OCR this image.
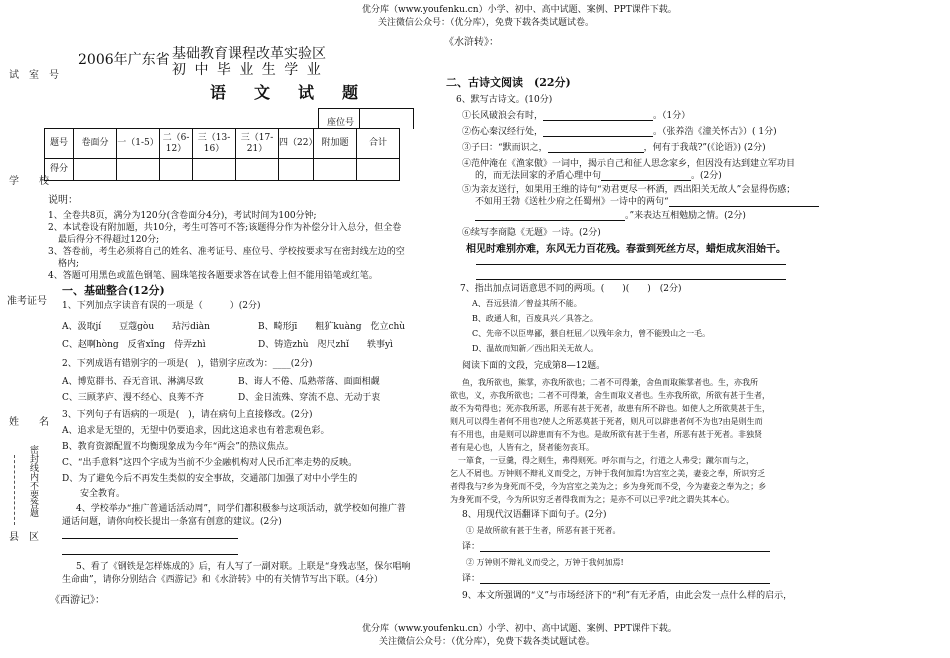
优分库（www.youfenku.cn）小学、初中、高中试题、案例、PPT课件下载。
关注微信公众号：（优分库），免费下载各类试题试卷。
优分库（www.youfenku.cn）小学、初中、高中试题、案例、PPT课件下载。
关注微信公众号：（优分库），免费下载各类试题试卷。
试　室　号
学　　校
准考证号
姓　　名
县　区
密封线内不要答题
2006年广东省 基础教育课程改革实验区
初 中 毕 业 生 学 业
语　文　试　题
座位号
题号	卷面分	一（1-5）	二（6-12）	三（13-16）	三（17-21）	四（22）	附加题	合计
得分								
说明：
1、全卷共8页，满分为120分(含卷面分4分)，考试时间为100分钟;
2、本试卷设有附加题，共10分，考生可答可不答;该题得分作为补偿分计入总分，但全卷
最后得分不得超过120分;
3、答卷前，考生必须将自己的姓名、准考证号、座位号、学校按要求写在密封线左边的空
格内;
4、答题可用黑色或蓝色钢笔、圆珠笔按各题要求答在试卷上但不能用铅笔或红笔。
一、基础整合(12分)
1、下列加点字读音有误的一项是（　　　）(2分)
A、汲取jí　　豆蔻gòu　　玷污diàn	B、畸形jī　　粗犷kuàng　仡立chù
C、赵啊hòng　反省xǐng　侍弄zhì	D、铸造zhù　咫尺zhǐ　　轶事yì
2、下列成语有错别字的一项是(　)，错别字应改为：____(2分)
A、博览群书、吞无音讯、淋漓尽致	B、诲人不倦、瓜熟蒂落、面面相觑
C、三顾茅庐、漫不经心、良莠不齐	D、金日流殊、穿流不息、无动于衷
3、下列句子有语病的一项是(　)，请在病句上直接修改。(2分)
A、追求是无望的，无望中仍要追求，因此这追求也有着悲观色彩。
B、教育资源配置不均衡现象成为今年“两会”的热议焦点。
C、“出手意料”这四个字成为当前不少金融机构对人民币汇率走势的反映。
D、为了避免今后不再发生类似的安全事故，交通部门加强了对中小学生的
安全教育。
4、学校举办“推广普通话活动周”，同学们都积极参与这项活动，就学校如何推广普
通话问题，请你向校长提出一条富有创意的建议。(2分)
5、看了《钢铁是怎样炼成的》后，有人写了一副对联。上联是“身残志坚，保尔唱响
生命曲”，请你分别结合《西游记》和《水浒转》中的有关情节写出下联。（4分）
《西游记》：
《水浒转》：
二、古诗文阅读　(22分)
6、默写古诗文。(10分)
①长风破浪会有时，	。（1分）
②伤心秦汉经行处，	。（张养浩《潼关怀古》）( 1分)
③子曰：“默而识之，	，何有于我哉?”(《论语》) (2分)
④范仲淹在《渔家傲》一词中，揭示自己和征人思念家乡，但因没有达到建立军功目
的，而无法回家的矛盾心理中句	。(2分)
⑤为亲友送行，如果用王维的诗句“劝君更尽一杯酒，西出阳关无故人”会显得伤感；
不如用王勃《送杜少府之任蜀州》一诗中的两句“
。”来表达互相勉励之情。(2分)
⑥续写李商隐《无题》一诗。(2分)
相见时难别亦难，东风无力百花残。春蚕到死丝方尽，蜡炬成灰泪始干。
7、指出加点词语意思不同的两项。(　　)(　　)　(2分)
A、吾远县清／曾益其所不能。
B、政通人和，百废具兴／具答之。
C、先帝不以臣卑鄙，猥自枉屈／以残年余力，曾不能毁山之一毛。
D、温故而知新／西出阳关无故人。
阅读下面的文段，完成第8—12题。
鱼，我所欲也，熊掌，亦我所欲也；二者不可得兼，舍鱼而取熊掌者也。生，亦我所
欲也，义，亦我所欲也；二者不可得兼，舍生而取义者也。生亦我所欲，所欲有甚于生者，
故不为苟得也；死亦我所恶，所恶有甚于死者，故患有所不辟也。如使人之所欲莫甚于生，
则凡可以得生者何不用也?使人之所恶莫甚于死者，则凡可以辟患者何不为也?由是则生而
有不用也，由是则可以辟患而有不为也。是故所欲有甚于生者，所恶有甚于死者。非独贤
者有是心也，人皆有之，贤者能勿丧耳。
　一箪食，一豆羹，得之则生，弗得则死。呼尔而与之，行道之人弗受；蹴尔而与之，
乞人不屑也。万钟则不辩礼义而受之，万钟于我何加焉!为宫室之美，妻妾之奉，所识穷乏
者得我与?乡为身死而不受，今为宫室之美为之；乡为身死而不受，今为妻妾之奉为之；乡
为身死而不受，今为所识穷乏者得我而为之；是亦不可以已乎?此之谓失其本心。
8、用现代汉语翻译下面句子。(2分)
① 是故所欲有甚于生者，所恶有甚于死者。
译：
② 万钟则不辩礼义而受之，万钟于我何加焉!
译：
9、本文所强调的“义”与市场经济下的“利”有无矛盾，由此会发一点什么样的启示，
